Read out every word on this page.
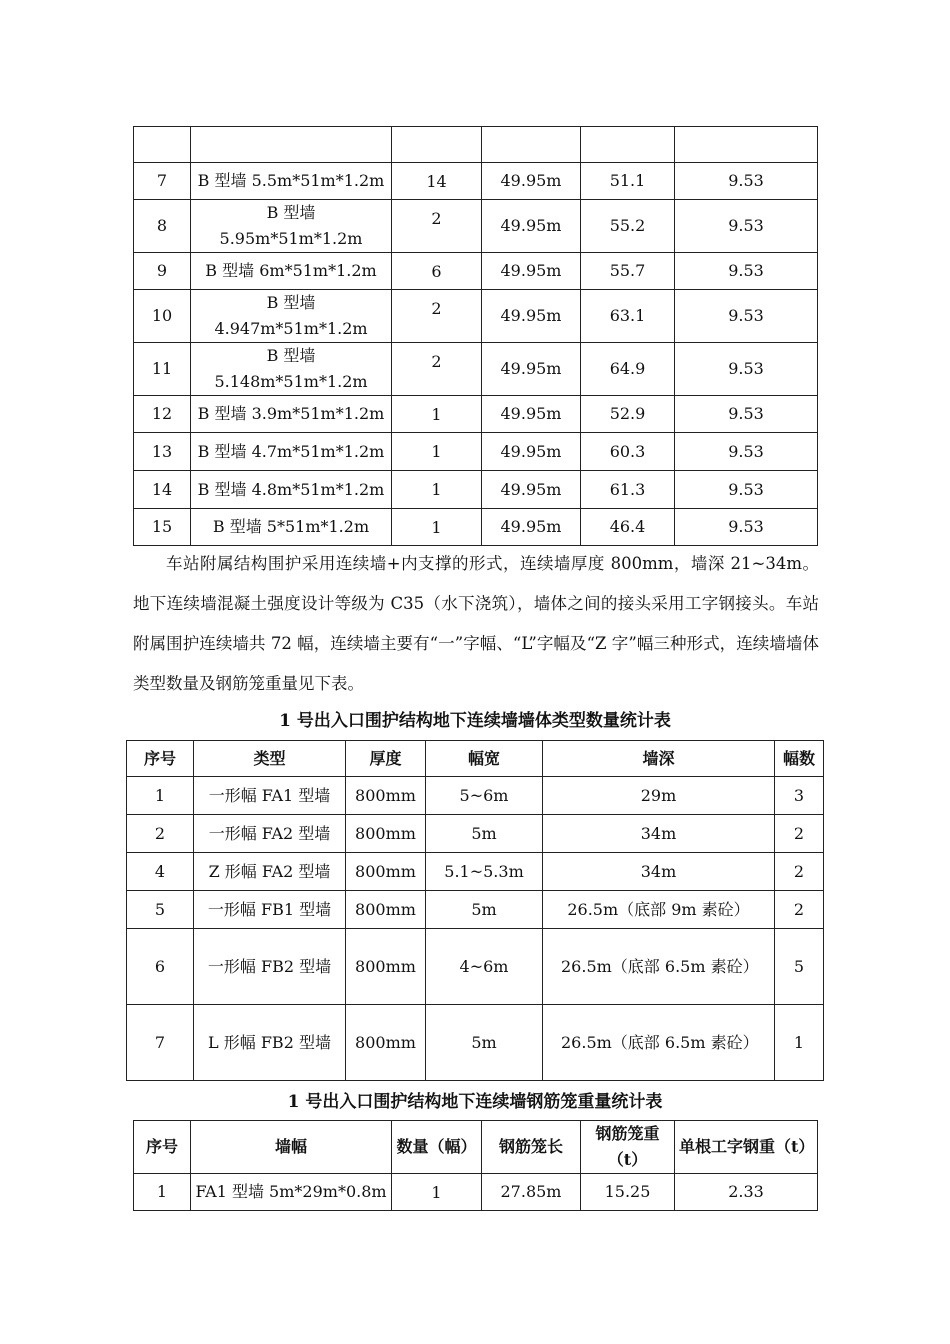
7	B 型墙 5.5m*51m*1.2m	14	49.95m	51.1	9.53
8	B 型墙 5.95m*51m*1.2m	2	49.95m	55.2	9.53
9	B 型墙 6m*51m*1.2m	6	49.95m	55.7	9.53
10	B 型墙 4.947m*51m*1.2m	2	49.95m	63.1	9.53
11	B 型墙 5.148m*51m*1.2m	2	49.95m	64.9	9.53
12	B 型墙 3.9m*51m*1.2m	1	49.95m	52.9	9.53
13	B 型墙 4.7m*51m*1.2m	1	49.95m	60.3	9.53
14	B 型墙 4.8m*51m*1.2m	1	49.95m	61.3	9.53
15	B 型墙 5*51m*1.2m	1	49.95m	46.4	9.53

车站附属结构围护采用连续墙+内支撑的形式，连续墙厚度 800mm，墙深 21~34m。地下连续墙混凝土强度设计等级为 C35（水下浇筑），墙体之间的接头采用工字钢接头。车站附属围护连续墙共 72 幅，连续墙主要有“一”字幅、“L”字幅及“Z 字”幅三种形式，连续墙墙体类型数量及钢筋笼重量见下表。

1 号出入口围护结构地下连续墙墙体类型数量统计表
序号	类型	厚度	幅宽	墙深	幅数
1	一形幅 FA1 型墙	800mm	5~6m	29m	3
2	一形幅 FA2 型墙	800mm	5m	34m	2
4	Z 形幅 FA2 型墙	800mm	5.1~5.3m	34m	2
5	一形幅 FB1 型墙	800mm	5m	26.5m（底部 9m 素砼）	2
6	一形幅 FB2 型墙	800mm	4~6m	26.5m（底部 6.5m 素砼）	5
7	L 形幅 FB2 型墙	800mm	5m	26.5m（底部 6.5m 素砼）	1
1 号出入口围护结构地下连续墙钢筋笼重量统计表
序号	墙幅	数量（幅）	钢筋笼长	钢筋笼重（t）	单根工字钢重（t）
1	FA1 型墙 5m*29m*0.8m	1	27.85m	15.25	2.33
